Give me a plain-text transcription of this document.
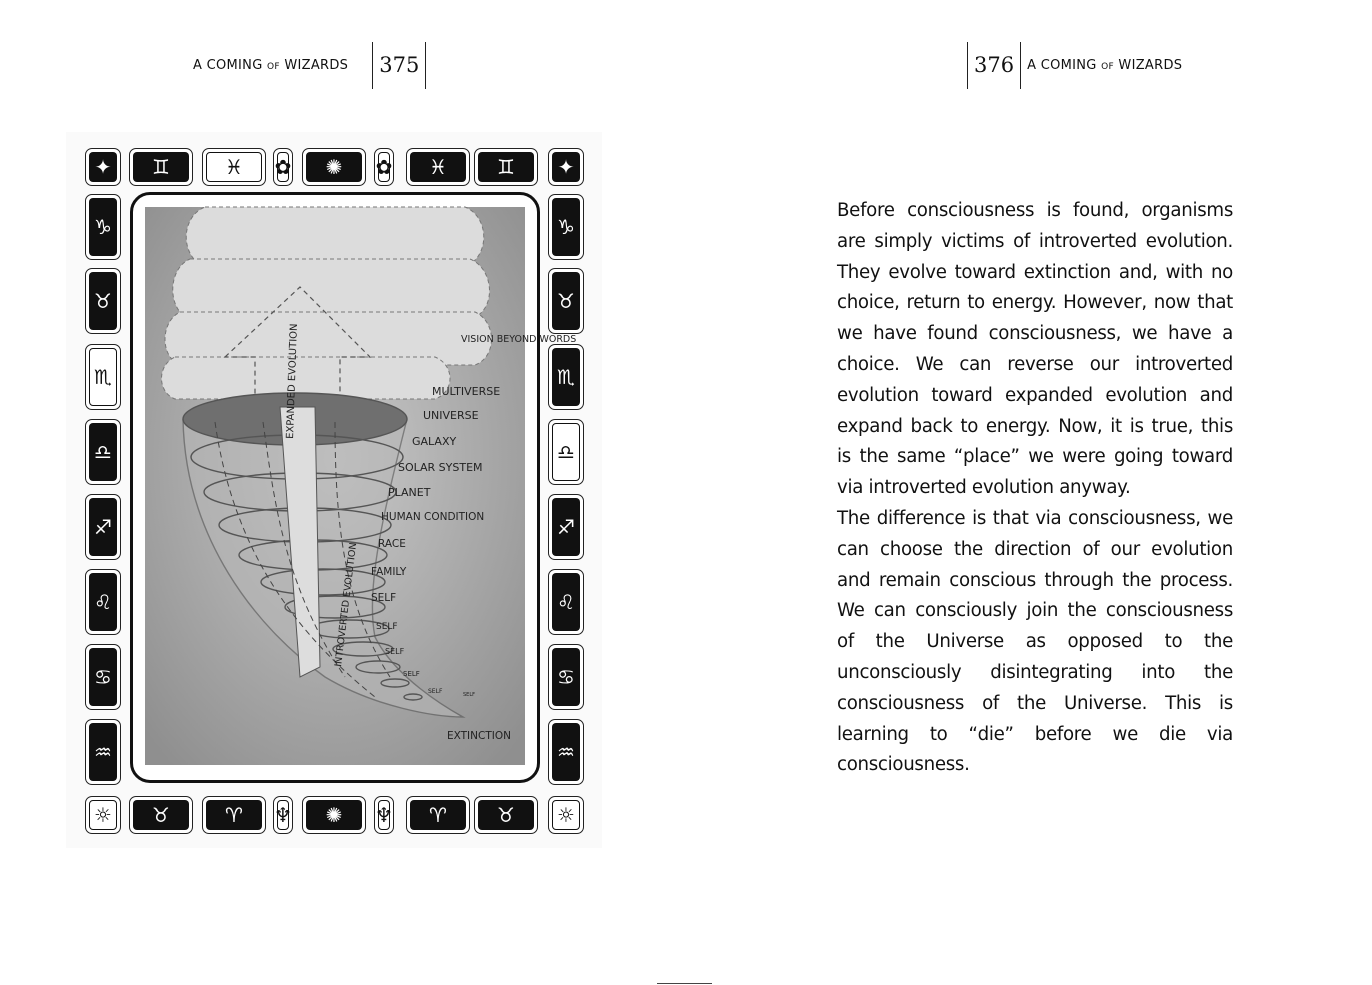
A COMING OF WIZARDS	375
✦	♊	♓	✿	✺	✿	♓	♊	✦
☼	♉	♈	♆	✺	♆	♈	♉	☼
♑
♉
♏
♎
♐
♌
♋
♒
♑
♉
♏
♎
♐
♌
♋
♒
VISION BEYOND WORDS
MULTIVERSE
UNIVERSE
GALAXY
SOLAR SYSTEM
PLANET
HUMAN CONDITION
RACE
FAMILY
SELF
SELF
SELF
SELF
SELF	SELF
EXTINCTION
EXPANDED EVOLUTION
INTROVERTED EVOLUTION
376	A COMING OF WIZARDS

Before consciousness is found, organisms are simply victims of introverted evolution. They evolve toward extinction and, with no choice, return to energy. However, now that we have found consciousness, we have a choice. We can reverse our introverted evolution toward expanded evolution and expand back to energy. Now, it is true, this is the same “place” we were going toward via introverted evolution anyway.

The difference is that via consciousness, we can choose the direction of our evolution and remain conscious through the process. We can consciously join the consciousness of the Universe as opposed to the unconsciously disintegrating into the consciousness of the Universe. This is learning to “die” before we die via consciousness.
